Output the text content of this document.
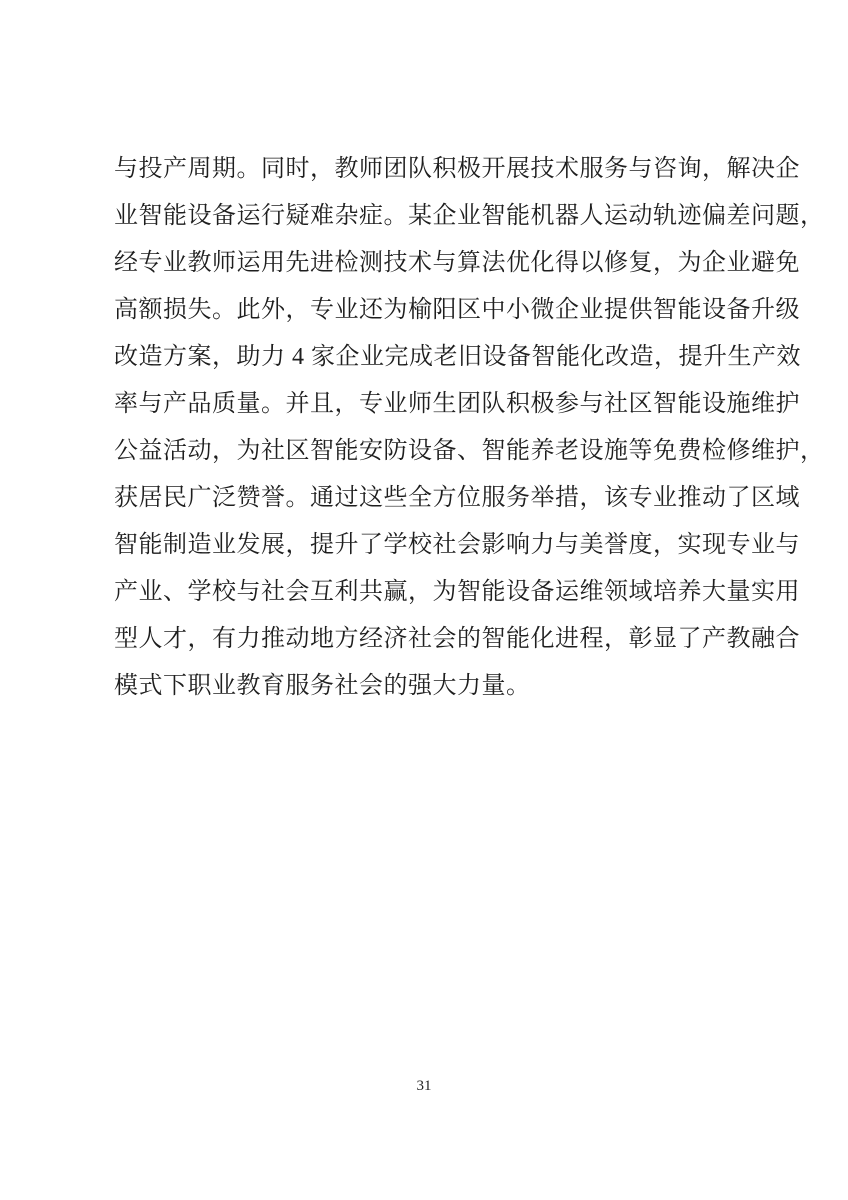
与投产周期。同时，教师团队积极开展技术服务与咨询，解决企
业智能设备运行疑难杂症。某企业智能机器人运动轨迹偏差问题，
经专业教师运用先进检测技术与算法优化得以修复，为企业避免
高额损失。此外，专业还为榆阳区中小微企业提供智能设备升级
改造方案，助力 4 家企业完成老旧设备智能化改造，提升生产效
率与产品质量。并且，专业师生团队积极参与社区智能设施维护
公益活动，为社区智能安防设备、智能养老设施等免费检修维护，
获居民广泛赞誉。通过这些全方位服务举措，该专业推动了区域
智能制造业发展，提升了学校社会影响力与美誉度，实现专业与
产业、学校与社会互利共赢，为智能设备运维领域培养大量实用
型人才，有力推动地方经济社会的智能化进程，彰显了产教融合
模式下职业教育服务社会的强大力量。
31
